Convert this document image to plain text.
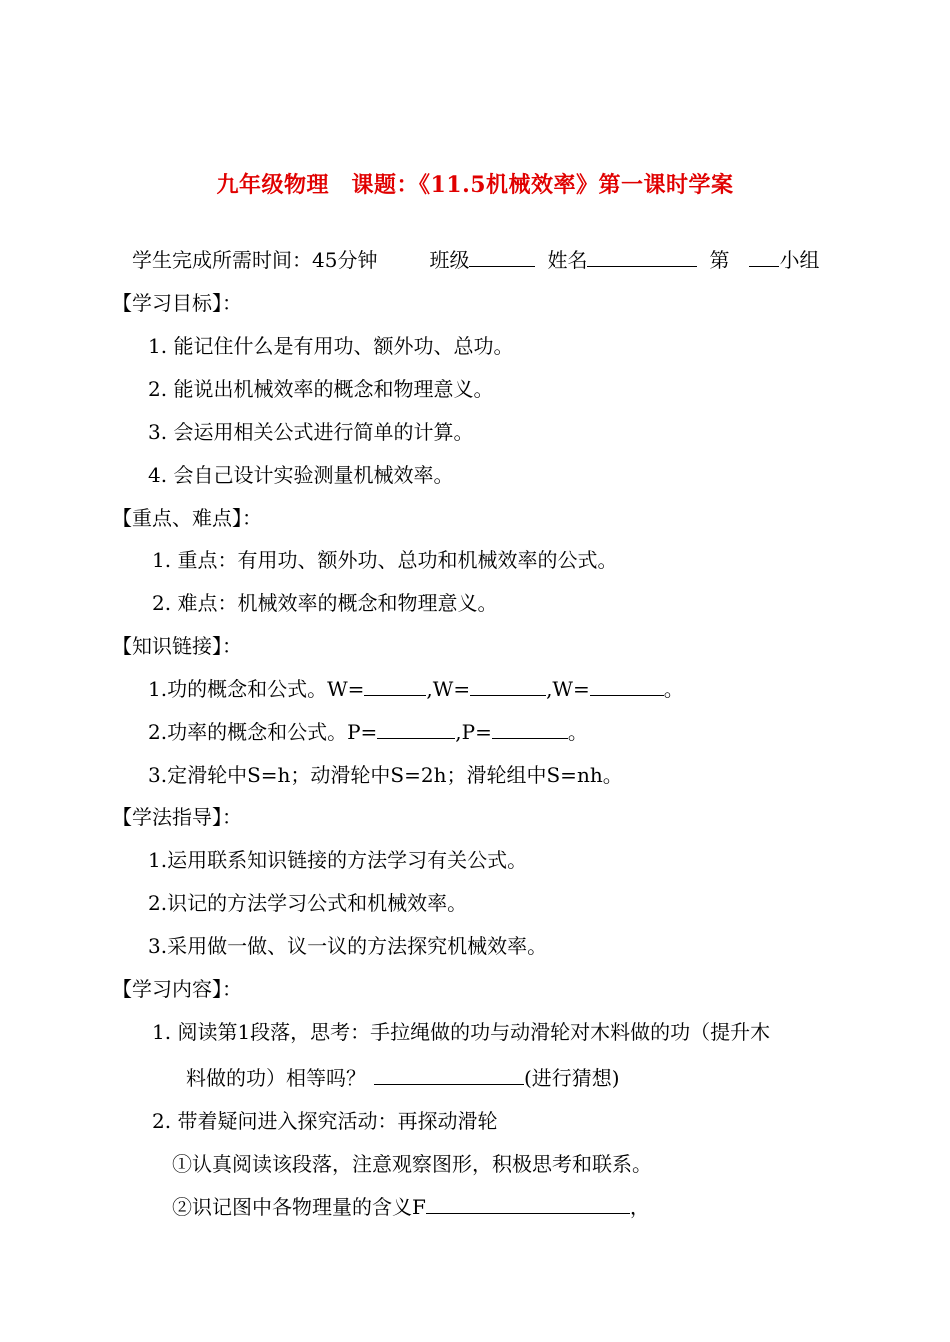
九年级物理　课题：《11.5机械效率》第一课时学案
学生完成所需时间：45分钟	班级	姓名	第	小组
【学习目标】：
1. 能记住什么是有用功、额外功、总功。
2. 能说出机械效率的概念和物理意义。
3. 会运用相关公式进行简单的计算。
4. 会自己设计实验测量机械效率。
【重点、难点】：
1. 重点：有用功、额外功、总功和机械效率的公式。
2. 难点：机械效率的概念和物理意义。
【知识链接】：
1.功的概念和公式。W=	,W=	,W=	。
2.功率的概念和公式。P=	,P=	。
3.定滑轮中S=h；动滑轮中S=2h；滑轮组中S=nh。
【学法指导】：
1.运用联系知识链接的方法学习有关公式。
2.识记的方法学习公式和机械效率。
3.采用做一做、议一议的方法探究机械效率。
【学习内容】：
1. 阅读第1段落，思考：手拉绳做的功与动滑轮对木料做的功（提升木
料做的功）相等吗？	(进行猜想)
2. 带着疑问进入探究活动：再探动滑轮
①认真阅读该段落，注意观察图形，积极思考和联系。
②识记图中各物理量的含义F	，
